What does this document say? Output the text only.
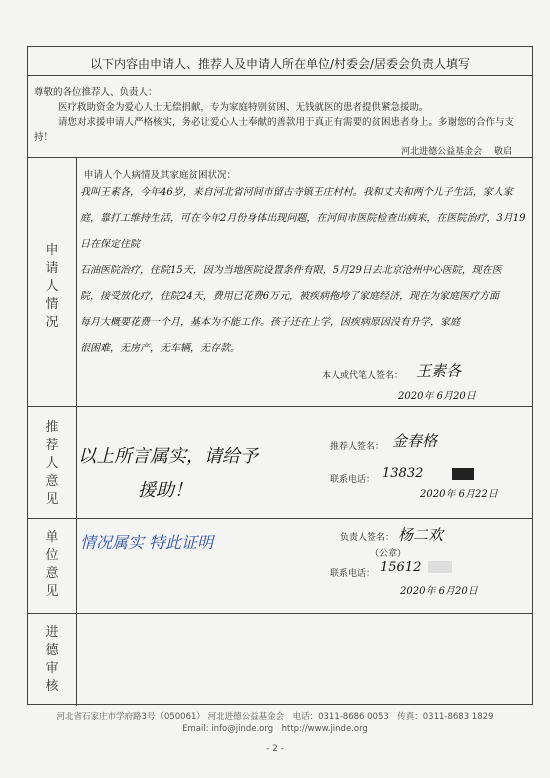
以下内容由申请人、推荐人及申请人所在单位/村委会/居委会负责人填写

尊敬的各位推荐人、负责人：

医疗救助资金为爱心人士无偿捐献，专为家庭特别贫困、无钱就医的患者提供紧急援助。

请您对求援申请人严格核实，务必让爱心人士奉献的善款用于真正有需要的贫困患者身上。多谢您的合作与支持！

河北进德公益基金会　 敬启
申
请
人
情
况
推
荐
人
意
见
单
位
意
见
进
德
审
核
申请人个人病情及其家庭贫困状况：
我叫王素各，今年46岁，来自河北省河间市留古寺镇王庄村村。我和丈夫和两个儿子生活，家人家
庭，靠打工维持生活，可在今年2月份身体出现问题，在河间市医院检查出病来，在医院治疗，3月19日在保定住院
石油医院治疗，住院15天，因为当地医院设置条件有限，5月29日去北京沧州中心医院，现在医
院，接受放化疗，住院24天，费用已花费6万元，被疾病拖垮了家庭经济，现在为家庭医疗方面
每月大概要花费一个月，基本为不能工作。孩子还在上学，因疾病原因没有升学，家庭
很困难，无房产，无车辆，无存款。
本人或代笔人签名： 王素各
2020年 6月20日
以上所言属实，请给予
援助！
推荐人签名： 金春格
联系电话： 13832
2020年 6月22日
情况属实 特此证明	负责人签名： 杨二欢
（公章）
联系电话： 15612
2020年 6月20日
河北省石家庄市学府路3号（050061） 河北进德公益基金会　电话：0311-8686 0053　传真：0311-8683 1829
Email: info@jinde.org　http://www.jinde.org
- 2 -
